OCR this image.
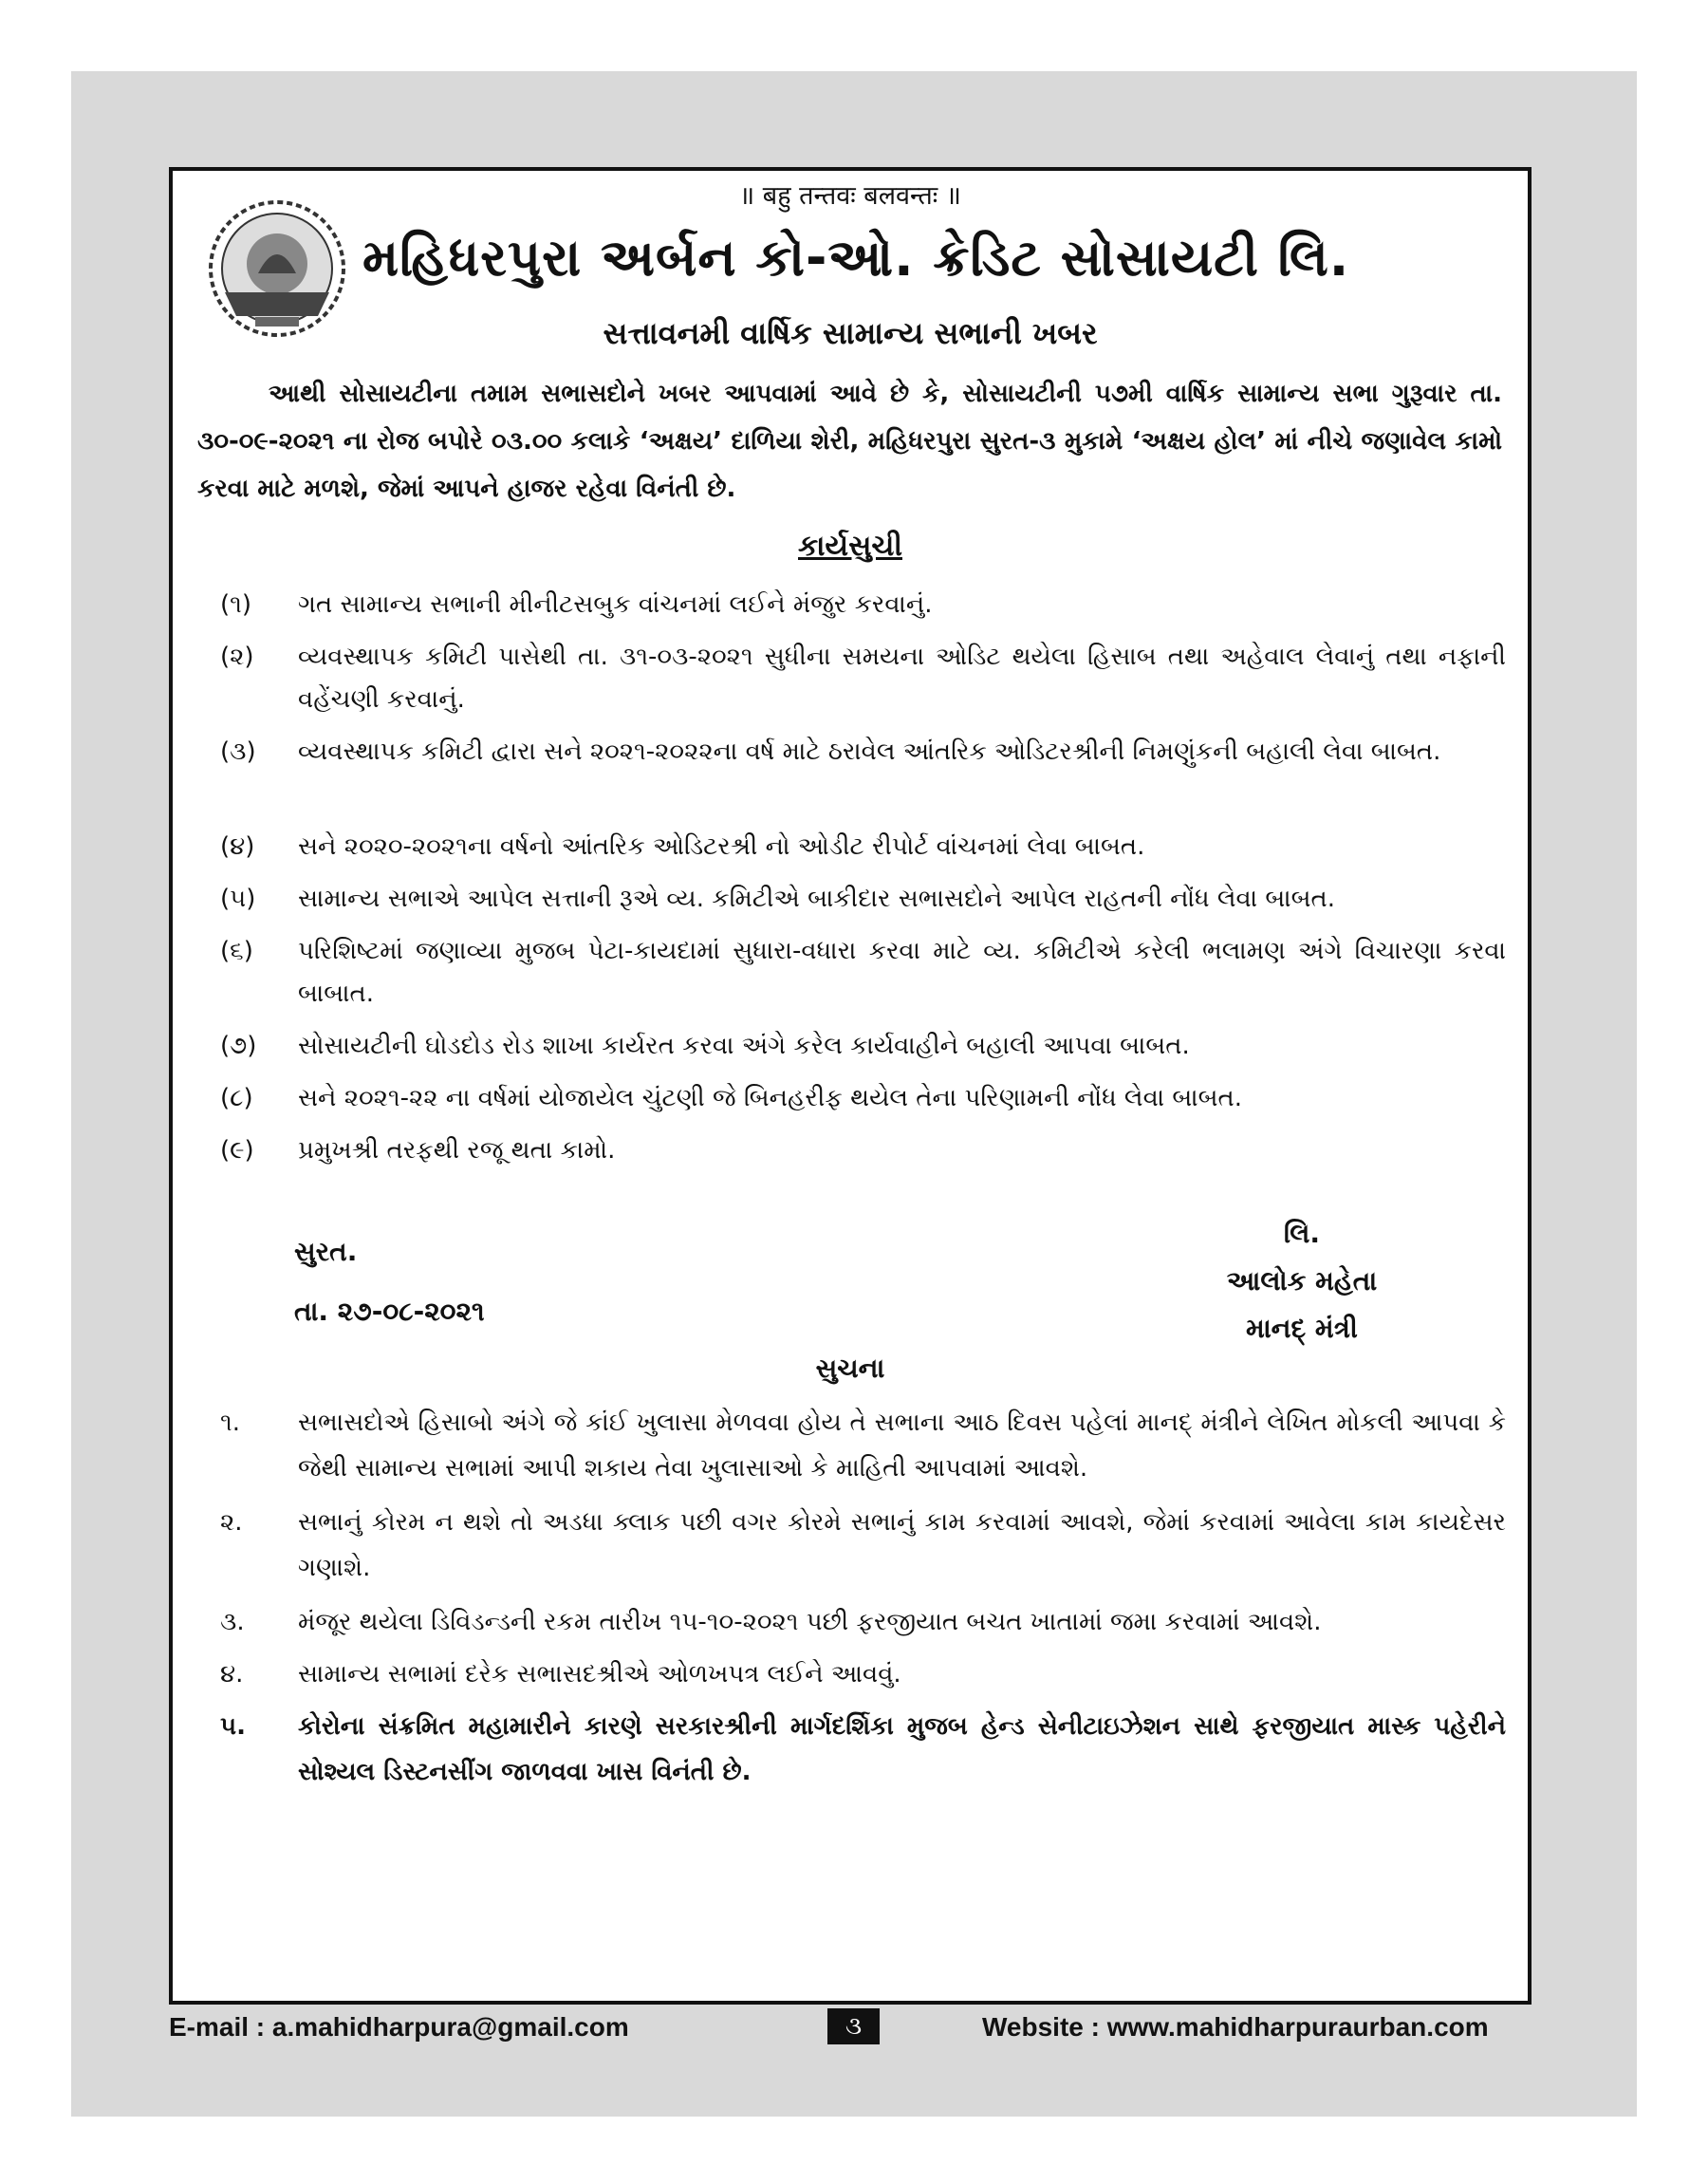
॥ बहु तन्तवः बलवन्तः ॥
મહિધરપુરા અર્બન કો-ઓ. ક્રેડિટ સોસાયટી લિ.
સત્તાવનમી વાર્ષિક સામાન્ય સભાની ખબર
આથી સોસાયટીના તમામ સભાસદોને ખબર આપવામાં આવે છે કે, સોસાયટીની ૫૭મી વાર્ષિક સામાન્ય સભા ગુરૂવાર તા. ૩૦-૦૯-૨૦૨૧ ના રોજ બપોરે ૦૩.૦૦ કલાકે ‘અક્ષય’ દાળિયા શેરી, મહિધરપુરા સુરત-૩ મુકામે ‘અક્ષય હોલ’ માં નીચે જણાવેલ કામો કરવા માટે મળશે, જેમાં આપને હાજર રહેવા વિનંતી છે.
કાર્યસુચી
(૧) ગત સામાન્ય સભાની મીનીટસબુક વાંચનમાં લઈને મંજુર કરવાનું.
(૨) વ્યવસ્થાપક કમિટી પાસેથી તા. ૩૧-૦૩-૨૦૨૧ સુધીના સમયના ઓડિટ થયેલા હિસાબ તથા અહેવાલ લેવાનું તથા નફાની વહેંચણી કરવાનું.
(૩) વ્યવસ્થાપક કમિટી દ્વારા સને ૨૦૨૧-૨૦૨૨ના વર્ષ માટે ઠરાવેલ આંતરિક ઓડિટરશ્રીની નિમણુંકની બહાલી લેવા બાબત.
(૪) સને ૨૦૨૦-૨૦૨૧ના વર્ષનો આંતરિક ઓડિટરશ્રી નો ઓડીટ રીપોર્ટ વાંચનમાં લેવા બાબત.
(૫) સામાન્ય સભાએ આપેલ સત્તાની રૂએ વ્ય. કમિટીએ બાકીદાર સભાસદોને આપેલ રાહતની નોંધ લેવા બાબત.
(૬) પરિશિષ્ટમાં જણાવ્યા મુજબ પેટા-કાયદામાં સુધારા-વધારા કરવા માટે વ્ય. કમિટીએ કરેલી ભલામણ અંગે વિચારણા કરવા બાબાત.
(૭) સોસાયટીની ઘોડદોડ રોડ શાખા કાર્યરત કરવા અંગે કરેલ કાર્યવાહીને બહાલી આપવા બાબત.
(૮) સને ૨૦૨૧-૨૨ ના વર્ષમાં યોજાયેલ ચુંટણી જે બિનહરીફ થયેલ તેના પરિણામની નોંધ લેવા બાબત.
(૯) પ્રમુખશ્રી તરફથી રજૂ થતા કામો.
સુરત.
તા. ૨૭-૦૮-૨૦૨૧
લિ.
આલોક મહેતા
માનદ્ મંત્રી
સુચના
૧. સભાસદોએ હિસાબો અંગે જે કાંઈ ખુલાસા મેળવવા હોય તે સભાના આઠ દિવસ પહેલાં માનદ્ મંત્રીને લેખિત મોકલી આપવા કે જેથી સામાન્ય સભામાં આપી શકાય તેવા ખુલાસાઓ કે માહિતી આપવામાં આવશે.
૨. સભાનું કોરમ ન થશે તો અડધા ક્લાક પછી વગર કોરમે સભાનું કામ કરવામાં આવશે, જેમાં કરવામાં આવેલા કામ કાયદેસર ગણાશે.
૩. મંજૂર થયેલા ડિવિડન્ડની રકમ તારીખ ૧૫-૧૦-૨૦૨૧ પછી ફરજીયાત બચત ખાતામાં જમા કરવામાં આવશે.
૪. સામાન્ય સભામાં દરેક સભાસદશ્રીએ ઓળખપત્ર લઈને આવવું.
૫. કોરોના સંક્રમિત મહામારીને કારણે સરકારશ્રીની માર્ગદર્શિકા મુજબ હેન્ડ સેનીટાઇઝેશન સાથે ફરજીયાત માસ્ક પહેરીને સોશ્યલ ડિસ્ટનસીંગ જાળવવા ખાસ વિનંતી છે.
E-mail : a.mahidharpura@gmail.com	૩	Website : www.mahidharpuraurban.com
